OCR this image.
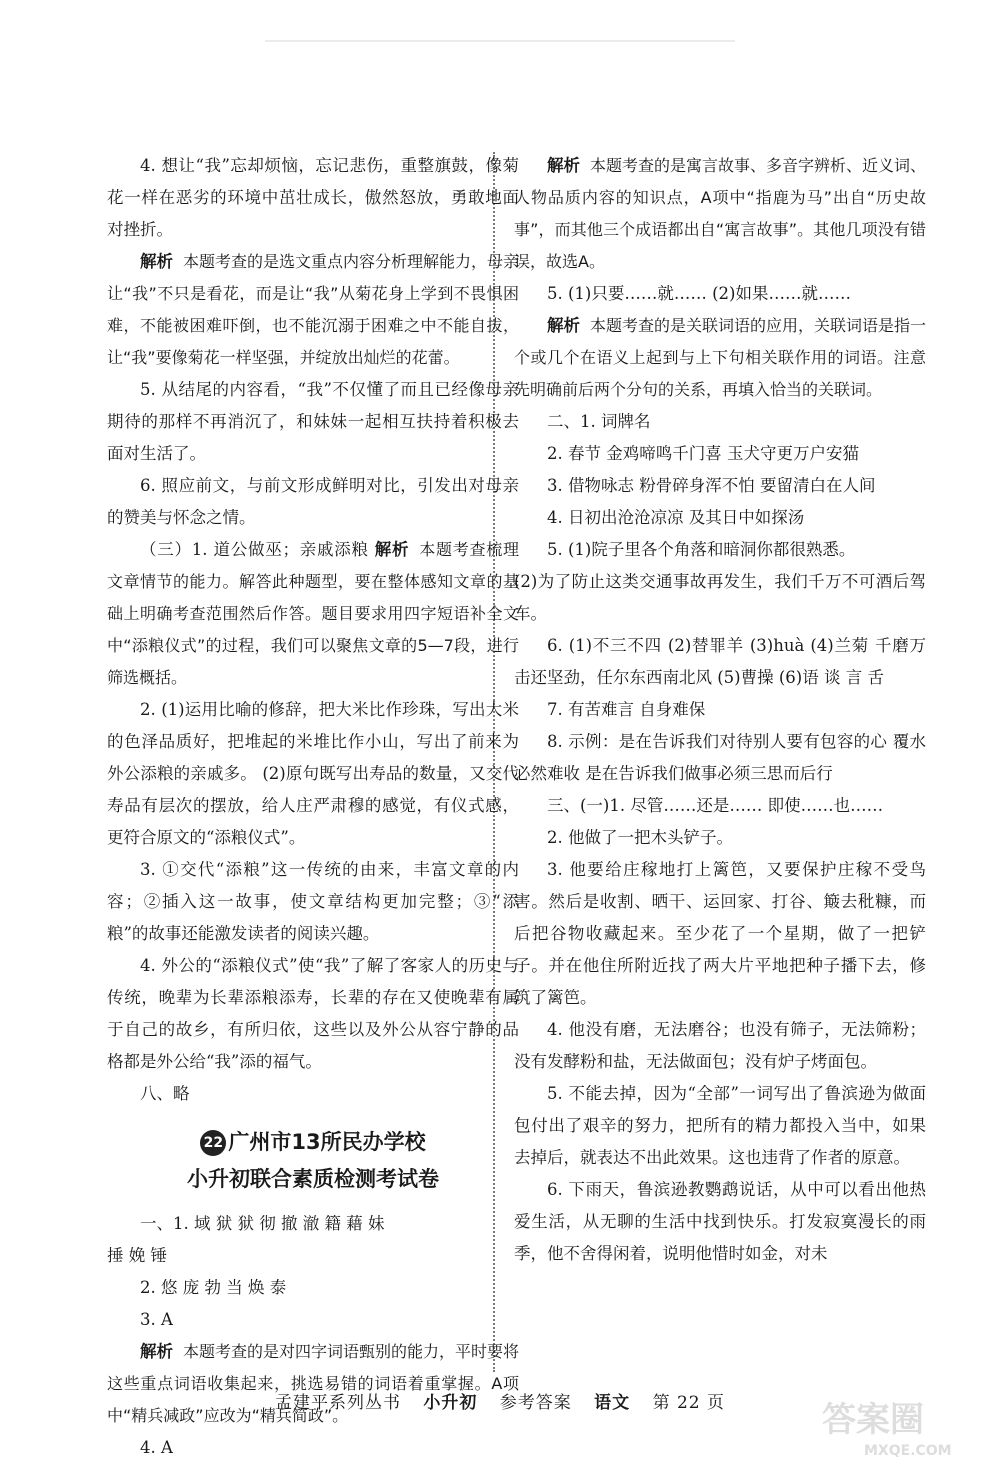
4. 想让“我”忘却烦恼，忘记悲伤，重整旗鼓，像菊花一样在恶劣的环境中茁壮成长，傲然怒放，勇敢地面对挫折。

解析 本题考查的是选文重点内容分析理解能力，母亲让“我”不只是看花，而是让“我”从菊花身上学到不畏惧困难，不能被困难吓倒，也不能沉溺于困难之中不能自拔，让“我”要像菊花一样坚强，并绽放出灿烂的花蕾。

5. 从结尾的内容看，“我”不仅懂了而且已经像母亲期待的那样不再消沉了，和妹妹一起相互扶持着积极去面对生活了。

6. 照应前文，与前文形成鲜明对比，引发出对母亲的赞美与怀念之情。

（三）1. 道公做巫；亲戚添粮 解析 本题考查梳理文章情节的能力。解答此种题型，要在整体感知文章的基础上明确考查范围然后作答。题目要求用四字短语补全文中“添粮仪式”的过程，我们可以聚焦文章的5—7段，进行筛选概括。

2. (1)运用比喻的修辞，把大米比作珍珠，写出大米的色泽品质好，把堆起的米堆比作小山，写出了前来为外公添粮的亲戚多。 (2)原句既写出寿品的数量，又交代寿品有层次的摆放，给人庄严肃穆的感觉，有仪式感，更符合原文的“添粮仪式”。

3. ①交代“添粮”这一传统的由来，丰富文章的内容；②插入这一故事，使文章结构更加完整；③“添粮”的故事还能激发读者的阅读兴趣。

4. 外公的“添粮仪式”使“我”了解了客家人的历史与传统，晚辈为长辈添粮添寿，长辈的存在又使晚辈有属于自己的故乡，有所归依，这些以及外公从容宁静的品格都是外公给“我”添的福气。

八、略

22 广州市13所民办学校
小升初联合素质检测考试卷

一、1. 域 狱 狱 彻 撤 澈 籍 藉 妹

捶 娩 锤

2. 悠 庞 勃 当 焕 泰

3. A

解析 本题考查的是对四字词语甄别的能力，平时要将这些重点词语收集起来，挑选易错的词语着重掌握。A项中“精兵减政”应改为“精兵简政”。

4. A

解析 本题考查的是寓言故事、多音字辨析、近义词、人物品质内容的知识点，A项中“指鹿为马”出自“历史故事”，而其他三个成语都出自“寓言故事”。其他几项没有错误，故选A。

5. (1)只要……就…… (2)如果……就……

解析 本题考查的是关联词语的应用，关联词语是指一个或几个在语义上起到与上下句相关联作用的词语。注意先明确前后两个分句的关系，再填入恰当的关联词。

二、1. 词牌名

2. 春节 金鸡啼鸣千门喜 玉犬守更万户安猫

3. 借物咏志 粉骨碎身浑不怕 要留清白在人间

4. 日初出沧沧凉凉 及其日中如探汤

5. (1)院子里各个角落和暗洞你都很熟悉。

(2)为了防止这类交通事故再发生，我们千万不可酒后驾车。

6. (1)不三不四 (2)替罪羊 (3)huà (4)兰菊 千磨万击还坚劲，任尔东西南北风 (5)曹操 (6)语 谈 言 舌

7. 有苦难言 自身难保

8. 示例：是在告诉我们对待别人要有包容的心 覆水必然难收 是在告诉我们做事必须三思而后行

三、(一)1. 尽管……还是…… 即使……也……

2. 他做了一把木头铲子。

3. 他要给庄稼地打上篱笆，又要保护庄稼不受鸟害。然后是收割、晒干、运回家、打谷、簸去秕糠，而后把谷物收藏起来。至少花了一个星期，做了一把铲子。并在他住所附近找了两大片平地把种子播下去，修筑了篱笆。

4. 他没有磨，无法磨谷；也没有筛子，无法筛粉；没有发酵粉和盐，无法做面包；没有炉子烤面包。

5. 不能去掉，因为“全部”一词写出了鲁滨逊为做面包付出了艰辛的努力，把所有的精力都投入当中，如果去掉后，就表达不出此效果。这也违背了作者的原意。

6. 下雨天，鲁滨逊教鹦鹉说话，从中可以看出他热爱生活，从无聊的生活中找到快乐。打发寂寞漫长的雨季，他不舍得闲着，说明他惜时如金，对未

孟建平系列丛书 小升初 参考答案 语文 第 22 页	答案圈
MXQE.COM
